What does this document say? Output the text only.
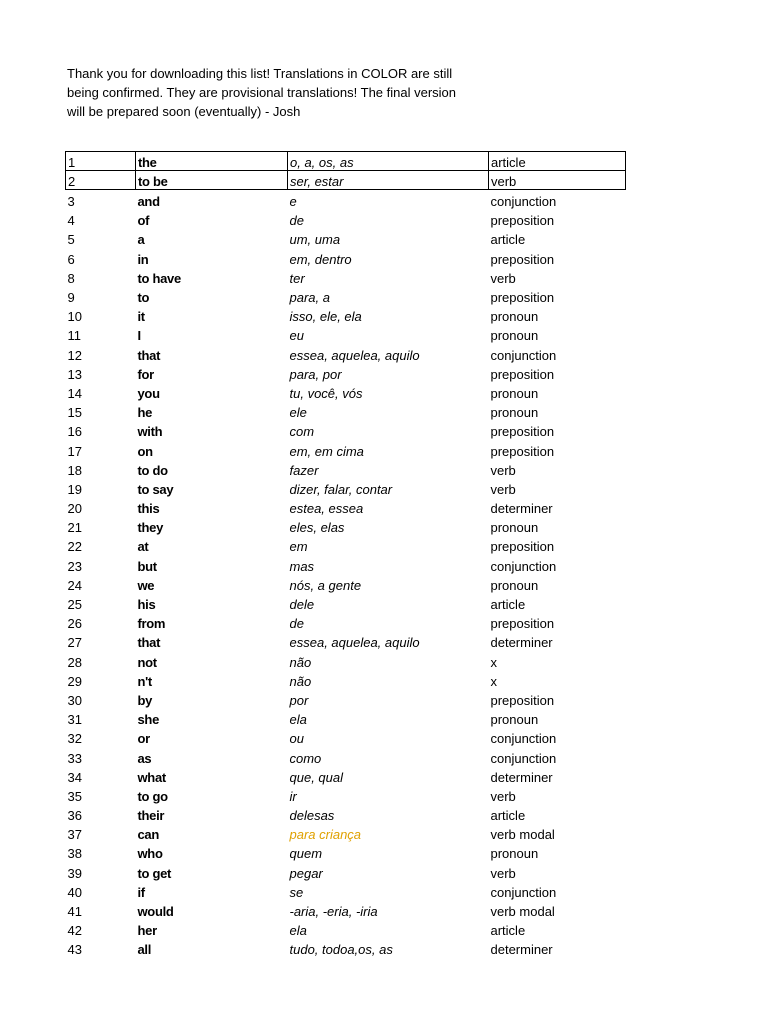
Thank you for downloading this list! Translations in COLOR are still
being confirmed. They are provisional translations! The final version
will be prepared soon (eventually) - Josh
1	the	o, a, os, as	article
2	to be	ser, estar	verb
3	and	e	conjunction
4	of	de	preposition
5	a	um, uma	article
6	in	em, dentro	preposition
8	to have	ter	verb
9	to	para, a	preposition
10	it	isso, ele, ela	pronoun
11	I	eu	pronoun
12	that	essea, aquelea, aquilo	conjunction
13	for	para, por	preposition
14	you	tu, você, vós	pronoun
15	he	ele	pronoun
16	with	com	preposition
17	on	em, em cima	preposition
18	to do	fazer	verb
19	to say	dizer, falar, contar	verb
20	this	estea, essea	determiner
21	they	eles, elas	pronoun
22	at	em	preposition
23	but	mas	conjunction
24	we	nós, a gente	pronoun
25	his	dele	article
26	from	de	preposition
27	that	essea, aquelea, aquilo	determiner
28	not	não	x
29	n't	não	x
30	by	por	preposition
31	she	ela	pronoun
32	or	ou	conjunction
33	as	como	conjunction
34	what	que, qual	determiner
35	to go	ir	verb
36	their	delesas	article
37	can	para criança	verb modal
38	who	quem	pronoun
39	to get	pegar	verb
40	if	se	conjunction
41	would	-aria, -eria, -iria	verb modal
42	her	ela	article
43	all	tudo, todoa,os, as	determiner
